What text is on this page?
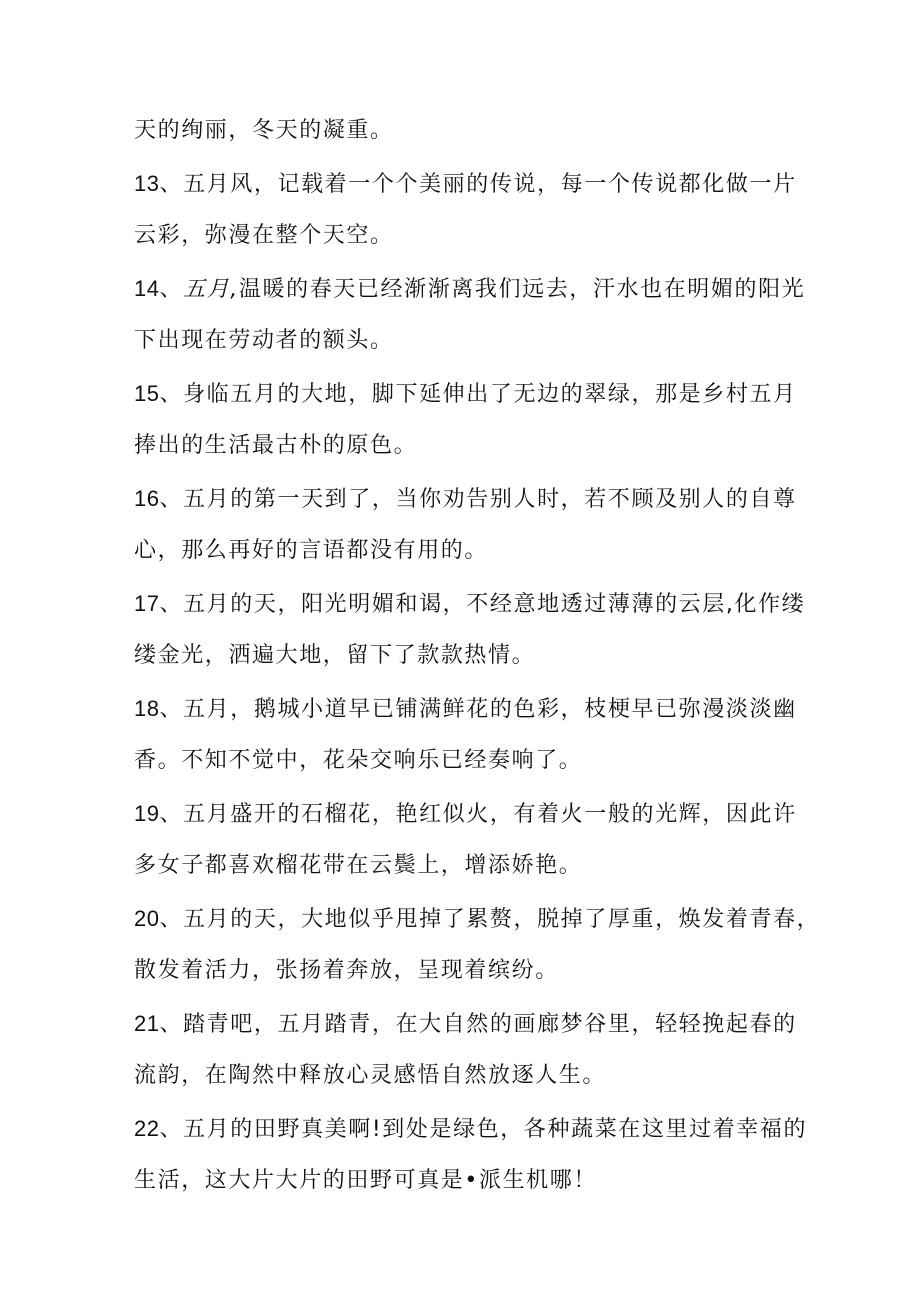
天的绚丽，冬天的凝重。
13、五月风，记载着一个个美丽的传说，每一个传说都化做一片
云彩，弥漫在整个天空。
14、五月,温暖的春天已经渐渐离我们远去，汗水也在明媚的阳光
下出现在劳动者的额头。
15、身临五月的大地，脚下延伸出了无边的翠绿，那是乡村五月
捧出的生活最古朴的原色。
16、五月的第一天到了，当你劝告别人时，若不顾及别人的自尊
心，那么再好的言语都没有用的。
17、五月的天，阳光明媚和谒，不经意地透过薄薄的云层,化作缕
缕金光，洒遍大地，留下了款款热情。
18、五月，鹅城小道早已铺满鲜花的色彩，枝梗早已弥漫淡淡幽
香。不知不觉中，花朵交响乐已经奏响了。
19、五月盛开的石榴花，艳红似火，有着火一般的光辉，因此许
多女子都喜欢榴花带在云鬓上，增添娇艳。
20、五月的天，大地似乎甩掉了累赘，脱掉了厚重，焕发着青春，
散发着活力，张扬着奔放，呈现着缤纷。
21、踏青吧，五月踏青，在大自然的画廊梦谷里，轻轻挽起春的
流韵，在陶然中释放心灵感悟自然放逐人生。
22、五月的田野真美啊!到处是绿色，各种蔬菜在这里过着幸福的
生活，这大片大片的田野可真是•派生机哪！
